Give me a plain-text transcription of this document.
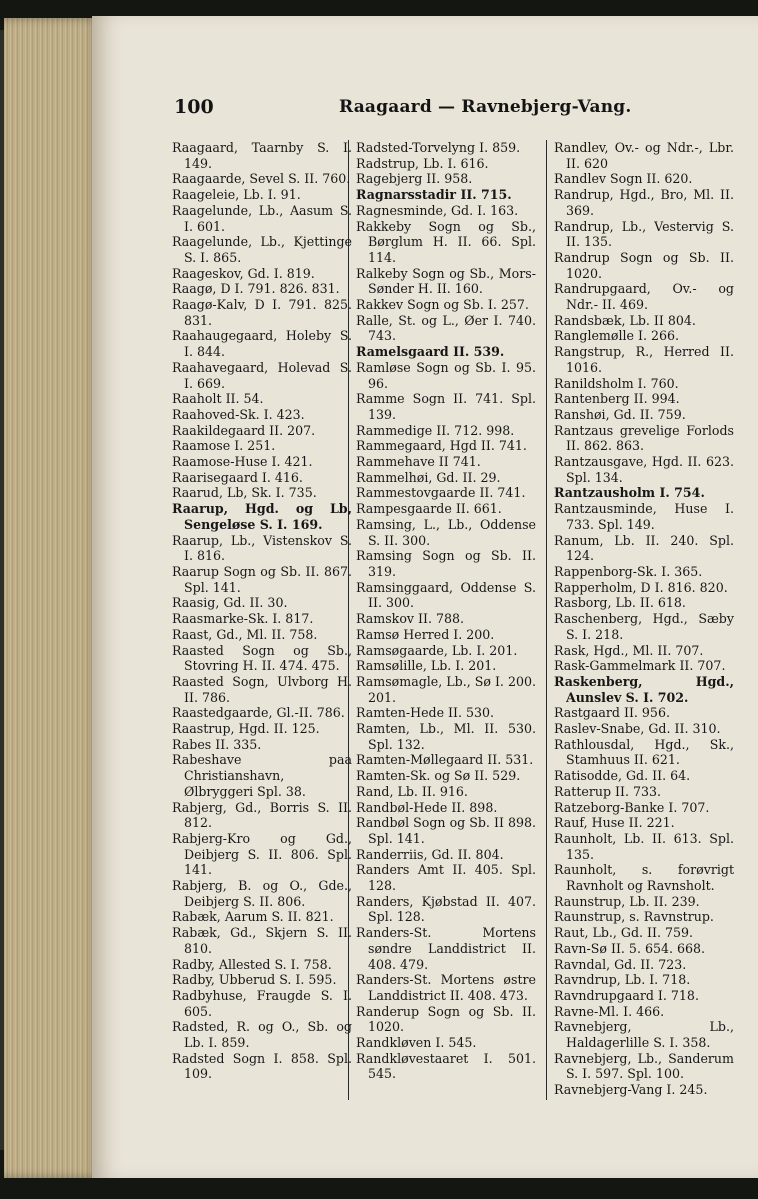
100	Raagaard — Ravnebjerg-Vang.

Raagaard, Taarnby S. I. 149.

Raagaarde, Sevel S. II. 760.

Raageleie, Lb. I. 91.

Raagelunde, Lb., Aasum S. I. 601.

Raagelunde, Lb., Kjettinge S. I. 865.

Raageskov, Gd. I. 819.

Raagø, D I. 791. 826. 831.

Raagø-Kalv, D I. 791. 825. 831.

Raahaugegaard, Holeby S. I. 844.

Raahavegaard, Holevad S. I. 669.

Raaholt II. 54.

Raahoved-Sk. I. 423.

Raakildegaard II. 207.

Raamose I. 251.

Raamose-Huse I. 421.

Raarisegaard I. 416.

Raarud, Lb, Sk. I. 735.

Raarup, Hgd. og Lb, Sengeløse S. I. 169.

Raarup, Lb., Vistenskov S. I. 816.

Raarup Sogn og Sb. II. 867. Spl. 141.

Raasig, Gd. II. 30.

Raasmarke-Sk. I. 817.

Raast, Gd., Ml. II. 758.

Raasted Sogn og Sb., Stovring H. II. 474. 475.

Raasted Sogn, Ulvborg H. II. 786.

Raastedgaarde, Gl.-II. 786.

Raastrup, Hgd. II. 125.

Rabes II. 335.

Rabeshave paa Christianshavn, Ølbryggeri Spl. 38.

Rabjerg, Gd., Borris S. II. 812.

Rabjerg-Kro og Gd., Deibjerg S. II. 806. Spl. 141.

Rabjerg, B. og O., Gde., Deibjerg S. II. 806.

Rabæk, Aarum S. II. 821.

Rabæk, Gd., Skjern S. II. 810.

Radby, Allested S. I. 758.

Radby, Ubberud S. I. 595.

Radbyhuse, Fraugde S. I. 605.

Radsted, R. og O., Sb. og Lb. I. 859.

Radsted Sogn I. 858. Spl. 109.

Radsted-Torvelyng I. 859.

Radstrup, Lb. I. 616.

Ragebjerg II. 958.

Ragnarsstadir II. 715.

Ragnesminde, Gd. I. 163.

Rakkeby Sogn og Sb., Børglum H. II. 66. Spl. 114.

Ralkeby Sogn og Sb., Mors-Sønder H. II. 160.

Rakkev Sogn og Sb. I. 257.

Ralle, St. og L., Øer I. 740. 743.

Ramelsgaard II. 539.

Ramløse Sogn og Sb. I. 95. 96.

Ramme Sogn II. 741. Spl. 139.

Rammedige II. 712. 998.

Rammegaard, Hgd II. 741.

Rammehave II 741.

Rammelhøi, Gd. II. 29.

Rammestovgaarde II. 741.

Rampesgaarde II. 661.

Ramsing, L., Lb., Oddense S. II. 300.

Ramsing Sogn og Sb. II. 319.

Ramsinggaard, Oddense S. II. 300.

Ramskov II. 788.

Ramsø Herred I. 200.

Ramsøgaarde, Lb. I. 201.

Ramsølille, Lb. I. 201.

Ramsømagle, Lb., Sø I. 200. 201.

Ramten-Hede II. 530.

Ramten, Lb., Ml. II. 530. Spl. 132.

Ramten-Møllegaard II. 531.

Ramten-Sk. og Sø II. 529.

Rand, Lb. II. 916.

Randbøl-Hede II. 898.

Randbøl Sogn og Sb. II 898. Spl. 141.

Randerriis, Gd. II. 804.

Randers Amt II. 405. Spl. 128.

Randers, Kjøbstad II. 407. Spl. 128.

Randers-St. Mortens søndre Landdistrict II. 408. 479.

Randers-St. Mortens østre Landdistrict II. 408. 473.

Randerup Sogn og Sb. II. 1020.

Randkløven I. 545.

Randkløvestaaret I. 501. 545.

Randlev, Ov.- og Ndr.-, Lbr. II. 620

Randlev Sogn II. 620.

Randrup, Hgd., Bro, Ml. II. 369.

Randrup, Lb., Vestervig S. II. 135.

Randrup Sogn og Sb. II. 1020.

Randrupgaard, Ov.- og Ndr.- II. 469.

Randsbæk, Lb. II 804.

Ranglemølle I. 266.

Rangstrup, R., Herred II. 1016.

Ranildsholm I. 760.

Rantenberg II. 994.

Ranshøi, Gd. II. 759.

Rantzaus grevelige Forlods II. 862. 863.

Rantzausgave, Hgd. II. 623. Spl. 134.

Rantzausholm I. 754.

Rantzausminde, Huse I. 733. Spl. 149.

Ranum, Lb. II. 240. Spl. 124.

Rappenborg-Sk. I. 365.

Rapperholm, D I. 816. 820.

Rasborg, Lb. II. 618.

Raschenberg, Hgd., Sæby S. I. 218.

Rask, Hgd., Ml. II. 707.

Rask-Gammelmark II. 707.

Raskenberg, Hgd., Aunslev S. I. 702.

Rastgaard II. 956.

Raslev-Snabe, Gd. II. 310.

Rathlousdal, Hgd., Sk., Stamhuus II. 621.

Ratisodde, Gd. II. 64.

Ratterup II. 733.

Ratzeborg-Banke I. 707.

Rauf, Huse II. 221.

Raunholt, Lb. II. 613. Spl. 135.

Raunholt, s. forøvrigt Ravnholt og Ravnsholt.

Raunstrup, Lb. II. 239.

Raunstrup, s. Ravnstrup.

Raut, Lb., Gd. II. 759.

Ravn-Sø II. 5. 654. 668.

Ravndal, Gd. II. 723.

Ravndrup, Lb. I. 718.

Ravndrupgaard I. 718.

Ravne-Ml. I. 466.

Ravnebjerg, Lb., Haldagerlille S. I. 358.

Ravnebjerg, Lb., Sanderum S. I. 597. Spl. 100.

Ravnebjerg-Vang I. 245.
